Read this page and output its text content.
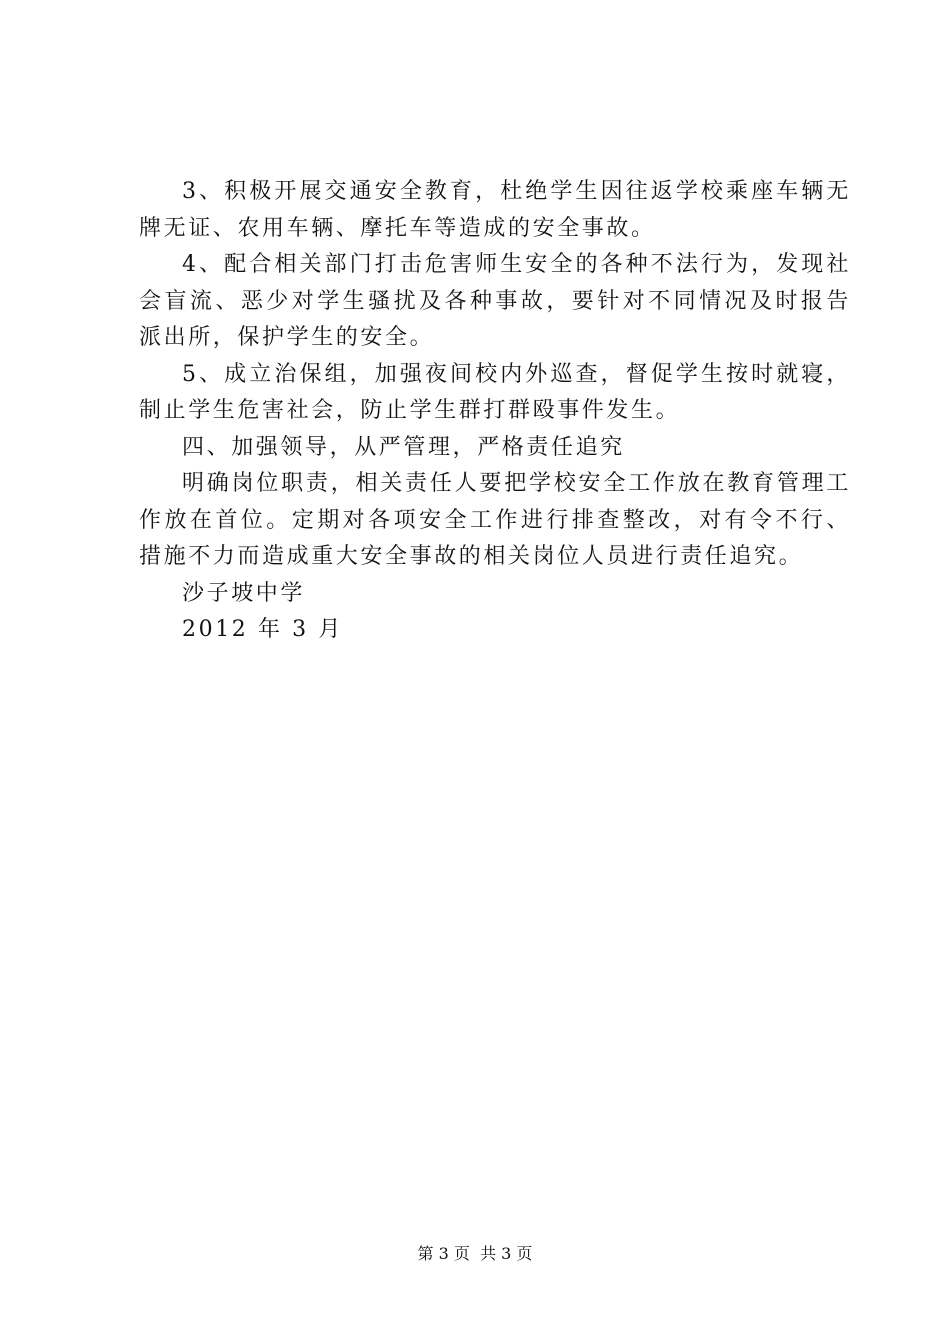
3、积极开展交通安全教育，杜绝学生因往返学校乘座车辆无牌无证、农用车辆、摩托车等造成的安全事故。

4、配合相关部门打击危害师生安全的各种不法行为，发现社会盲流、恶少对学生骚扰及各种事故，要针对不同情况及时报告派出所，保护学生的安全。

5、成立治保组，加强夜间校内外巡查，督促学生按时就寝，制止学生危害社会，防止学生群打群殴事件发生。

四、加强领导，从严管理，严格责任追究

明确岗位职责，相关责任人要把学校安全工作放在教育管理工作放在首位。定期对各项安全工作进行排查整改，对有令不行、措施不力而造成重大安全事故的相关岗位人员进行责任追究。

沙子坡中学

2012 年 3 月

第 3 页  共 3 页
